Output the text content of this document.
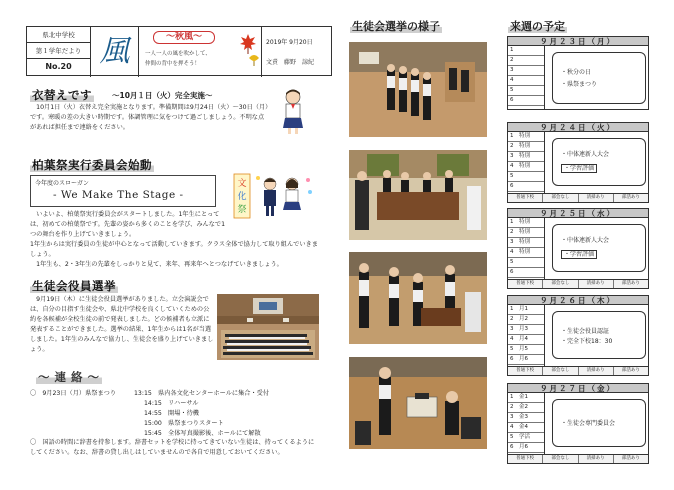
県北中学校
第１学年だより
No.20 風	〜秋風〜
一人一人の風を吹かして、
仲間の背中を押そう！
2019年 9月20日
文責　藤野　諒紀
衣替えです	〜10月１日（火）完全実施〜
　10月1日（火）衣替え完全実施となります。準備期間は9月24日（火）〜30日（月）です。寒暖の差の大きい時期です。体調管理に気をつけて過ごしましょう。不明な点があれば担任まで連絡をください。
柏葉祭実行委員会始動
今年度のスローガン
- We Make The Stage -
文
化
祭
　いよいよ、柏葉祭実行委員会がスタートしました。1年生にとっては、初めての柏葉祭です。先輩の姿から多くのことを学び、みんなで1つの舞台を作り上げていきましょう。
1年生からは実行委員の生徒が中心となって活動していきます。クラス全体で協力して取り組んでいきましょう。
　1年生も、2・3年生の先輩をしっかりと見て、来年、再来年へとつなげていきましょう。
生徒会役員選挙
　9月19日（木）に生徒会役員選挙がありました。立会演説会では、自分の目指す生徒会や、県北中学校を良くしていくための公約を各候補が全校生徒の前で発表しました。どの候補者も立派に発表することができました。選挙の結果、1年生からは1名が当選しました。1年生のみんなで協力し、生徒会を盛り上げていきましょう。
〜 連 絡 〜
〇　9月23日（月）県祭まつり	13:15　 県内各文化センターホールに集合・受付
14:15　 リハーサル
14:55　 開場・待機
15:00　 県祭まつりスタート
15:45　 全体写真撮影後、ホールにて解散
〇　国語の時間に辞書を持参します。辞書セットを学校に持ってきていない生徒は、持ってくるようにしてください。なお、辞書の貸し出しはしていませんので各自で用意しておいてください。
生徒会選挙の様子	来週の予定
９月２３日（月）
1
2
3
4
5
6
・秋分の日
・県祭まつり
９月２４日（火）
1　特別
2　特別
3　特別
4　特別
5
6
・中体連新人大会
・学習評価
普通下校	部会なし	清掃あり	部活あり
９月２５日（水）
1　特別
2　特別
3　特別
4　特別
5
6
・中体連新人大会
・学習評価
普通下校	部会なし	清掃あり	部活あり
９月２６日（木）
1　月1
2　月2
3　月3
4　月4
5　月5
6　月6
・生徒会役員認証
・完全下校18：30
普通下校	部会なし	清掃あり	部活あり
９月２７日（金）
1　金1
2　金2
3　金3
4　金4
5　学活
6　月6
・生徒会専門委員会
普通下校	部会なし	清掃あり	部活あり
